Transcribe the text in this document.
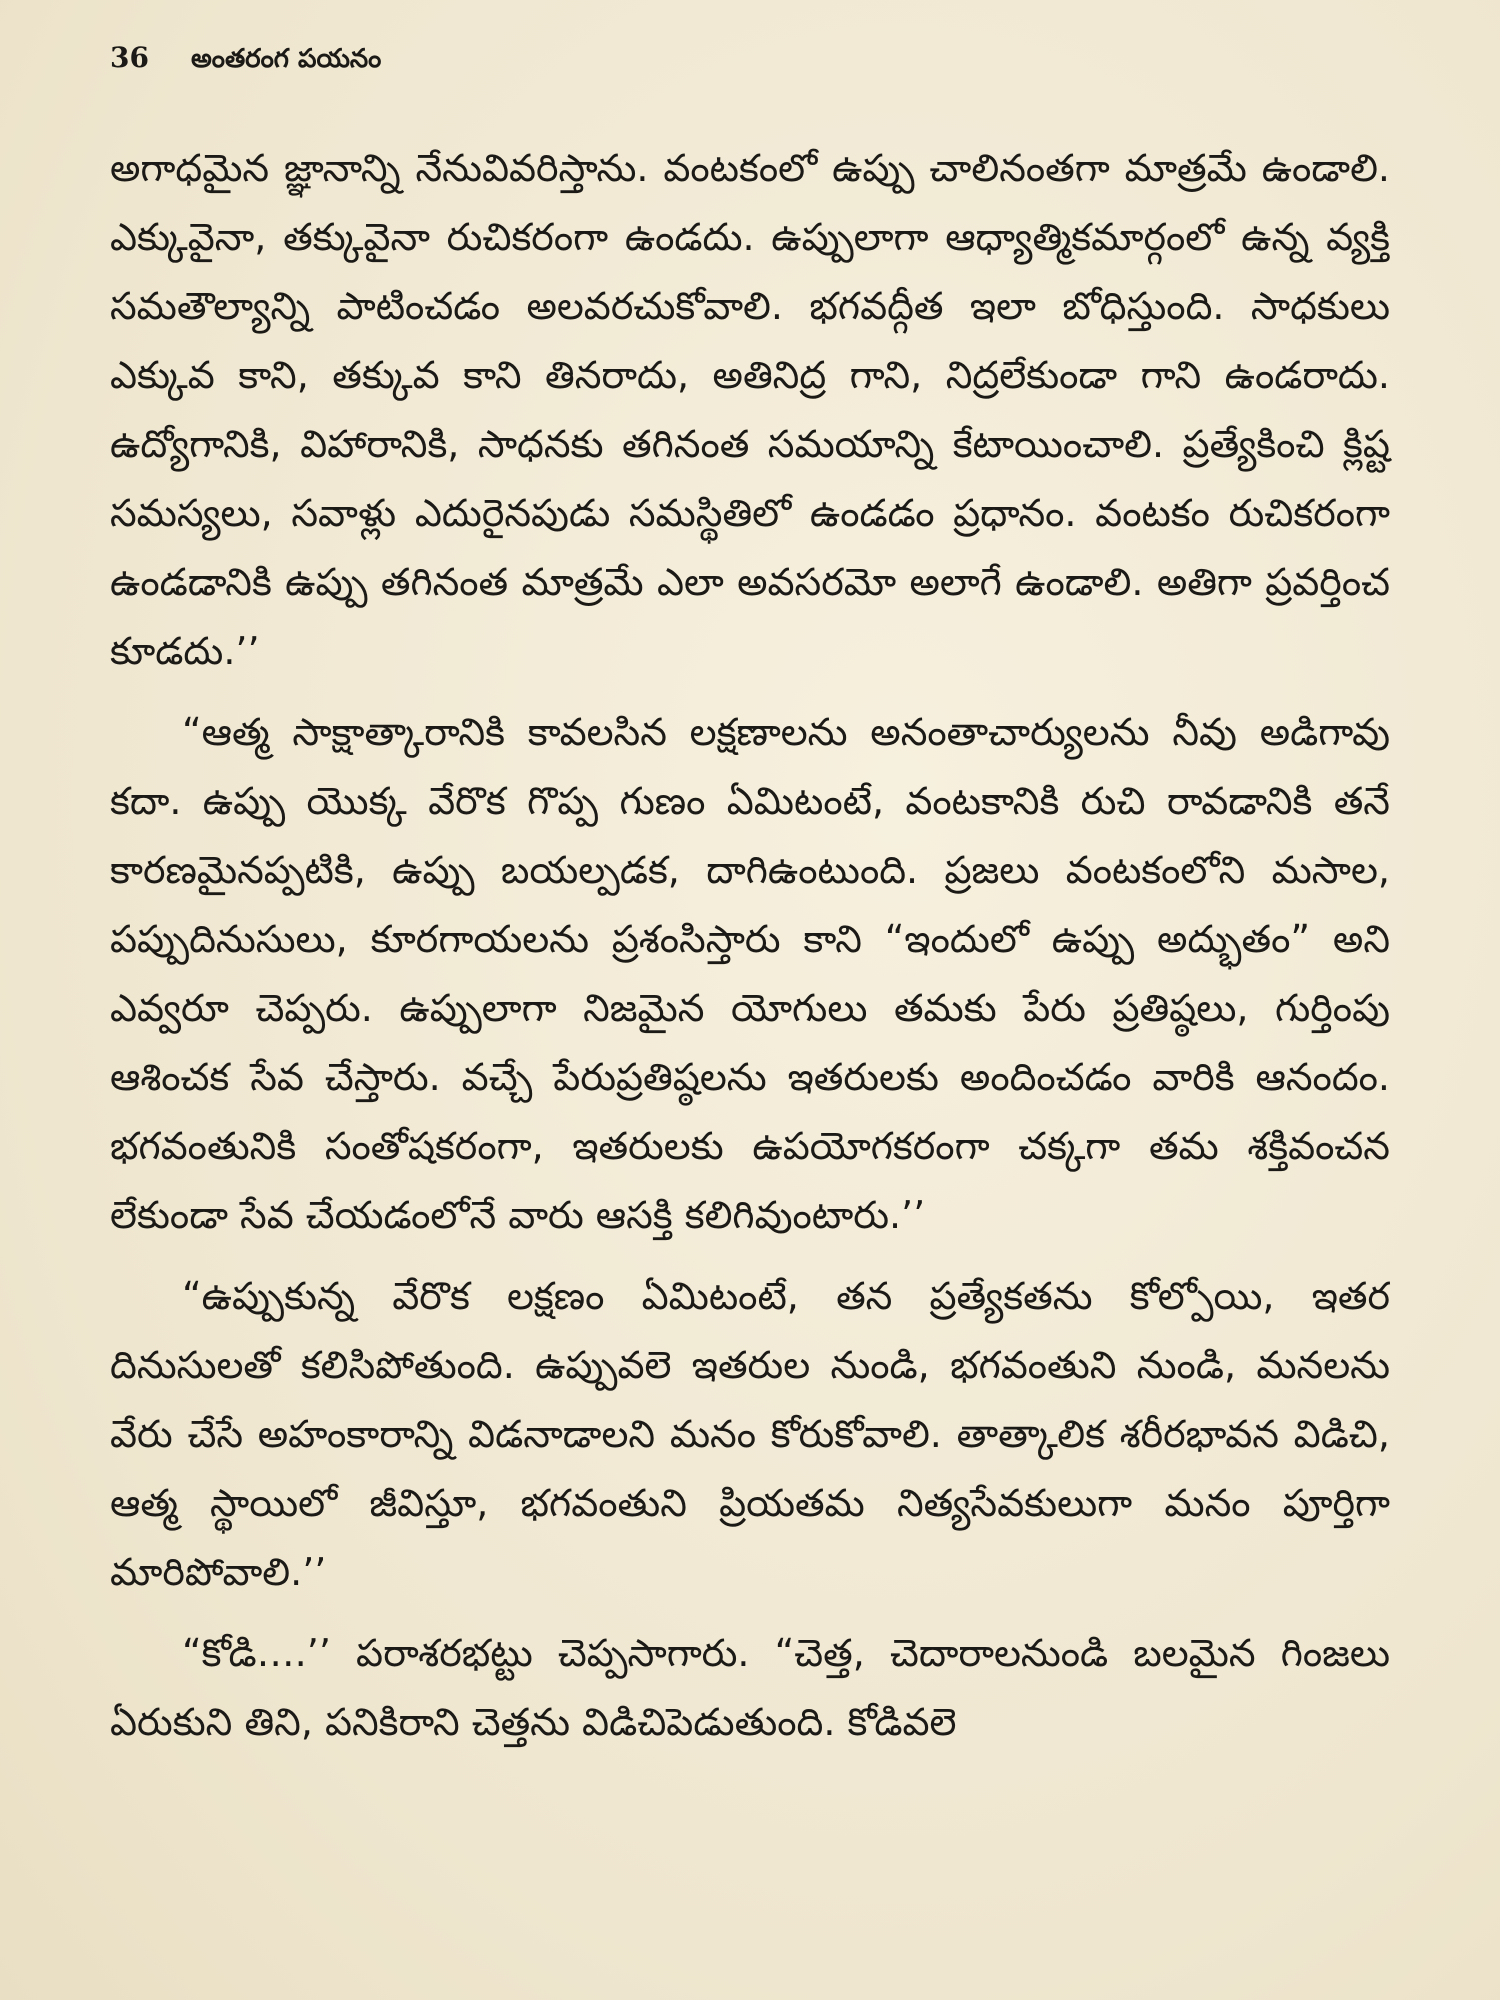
36 అంతరంగ పయనం

అగాధమైన జ్ఞానాన్ని నేనువివరిస్తాను. వంటకంలో ఉప్పు చాలినంతగా మాత్రమే ఉండాలి. ఎక్కువైనా, తక్కువైనా రుచికరంగా ఉండదు. ఉప్పులాగా ఆధ్యాత్మికమార్గంలో ఉన్న వ్యక్తి సమతౌల్యాన్ని పాటించడం అలవరచుకోవాలి. భగవద్గీత ఇలా బోధిస్తుంది. సాధకులు ఎక్కువ కాని, తక్కువ కాని తినరాదు, అతినిద్ర గాని, నిద్రలేకుండా గాని ఉండరాదు. ఉద్యోగానికి, విహారానికి, సాధనకు తగినంత సమయాన్ని కేటాయించాలి. ప్రత్యేకించి క్లిష్ట సమస్యలు, సవాళ్లు ఎదురైనపుడు సమస్థితిలో ఉండడం ప్రధానం. వంటకం రుచికరంగా ఉండడానికి ఉప్పు తగినంత మాత్రమే ఎలా అవసరమో అలాగే ఉండాలి. అతిగా ప్రవర్తించ కూడదు.’’

“ఆత్మ సాక్షాత్కారానికి కావలసిన లక్షణాలను అనంతాచార్యులను నీవు అడిగావు కదా. ఉప్పు యొక్క వేరొక గొప్ప గుణం ఏమిటంటే, వంటకానికి రుచి రావడానికి తనే కారణమైనప్పటికి, ఉప్పు బయల్పడక, దాగిఉంటుంది. ప్రజలు వంటకంలోని మసాల, పప్పుదినుసులు, కూరగాయలను ప్రశంసిస్తారు కాని “ఇందులో ఉప్పు అద్భుతం” అని ఎవ్వరూ చెప్పరు. ఉప్పులాగా నిజమైన యోగులు తమకు పేరు ప్రతిష్ఠలు, గుర్తింపు ఆశించక సేవ చేస్తారు. వచ్చే పేరుప్రతిష్ఠలను ఇతరులకు అందించడం వారికి ఆనందం. భగవంతునికి సంతోషకరంగా, ఇతరులకు ఉపయోగకరంగా చక్కగా తమ శక్తివంచన లేకుండా సేవ చేయడంలోనే వారు ఆసక్తి కలిగివుంటారు.’’

“ఉప్పుకున్న వేరొక లక్షణం ఏమిటంటే, తన ప్రత్యేకతను కోల్పోయి, ఇతర దినుసులతో కలిసిపోతుంది. ఉప్పువలె ఇతరుల నుండి, భగవంతుని నుండి, మనలను వేరు చేసే అహంకారాన్ని విడనాడాలని మనం కోరుకోవాలి. తాత్కాలిక శరీరభావన విడిచి, ఆత్మ స్థాయిలో జీవిస్తూ, భగవంతుని ప్రియతమ నిత్యసేవకులుగా మనం పూర్తిగా మారిపోవాలి.’’

“కోడి….’’ పరాశరభట్టు చెప్పసాగారు. “చెత్త, చెదారాలనుండి బలమైన గింజలు ఏరుకుని తిని, పనికిరాని చెత్తను విడిచిపెడుతుంది. కోడివలె
